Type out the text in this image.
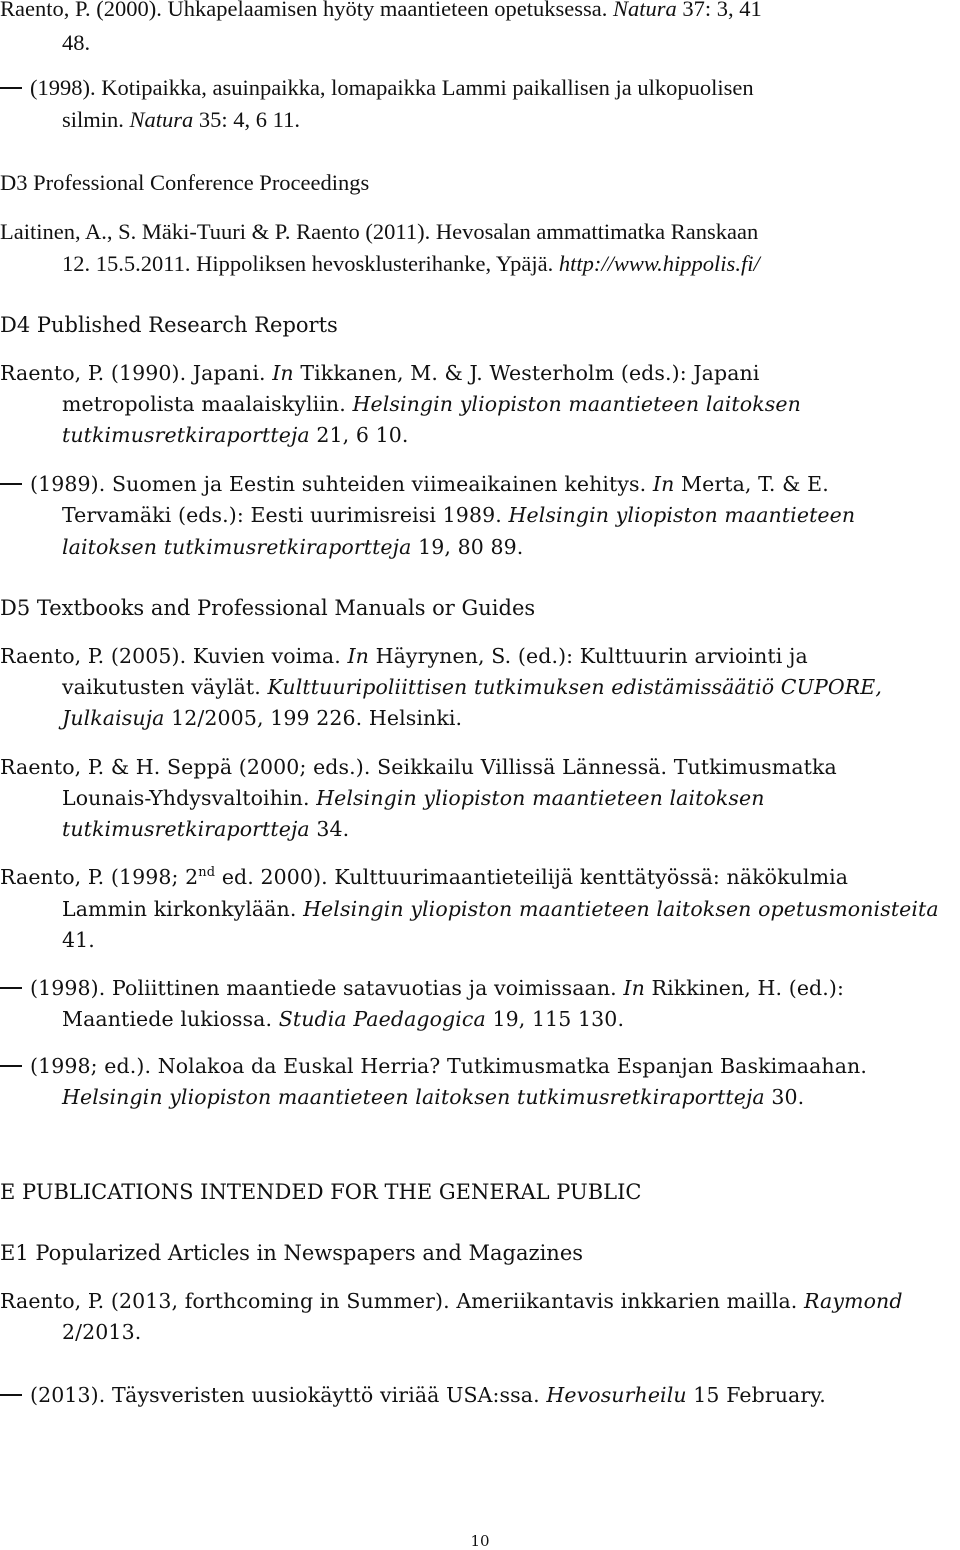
Raento, P. (2000). Uhkapelaamisen hyöty maantieteen opetuksessa. Natura 37: 3, 41
48.
(1998). Kotipaikka, asuinpaikka, lomapaikka Lammi paikallisen ja ulkopuolisen
silmin. Natura 35: 4, 6 11.
D3 Professional Conference Proceedings
Laitinen, A., S. Mäki-Tuuri & P. Raento (2011). Hevosalan ammattimatka Ranskaan
12. 15.5.2011. Hippoliksen hevosklusterihanke, Ypäjä. http://www.hippolis.fi/
D4 Published Research Reports
Raento, P. (1990). Japani. In Tikkanen, M. & J. Westerholm (eds.): Japani
metropolista maalaiskyliin. Helsingin yliopiston maantieteen laitoksen
tutkimusretkiraportteja 21, 6 10.
(1989). Suomen ja Eestin suhteiden viimeaikainen kehitys. In Merta, T. & E.
Tervamäki (eds.): Eesti uurimisreisi 1989. Helsingin yliopiston maantieteen
laitoksen tutkimusretkiraportteja 19, 80 89.
D5 Textbooks and Professional Manuals or Guides
Raento, P. (2005). Kuvien voima. In Häyrynen, S. (ed.): Kulttuurin arviointi ja
vaikutusten väylät. Kulttuuripoliittisen tutkimuksen edistämissäätiö CUPORE,
Julkaisuja 12/2005, 199 226. Helsinki.
Raento, P. & H. Seppä (2000; eds.). Seikkailu Villissä Lännessä. Tutkimusmatka
Lounais-Yhdysvaltoihin. Helsingin yliopiston maantieteen laitoksen
tutkimusretkiraportteja 34.
Raento, P. (1998; 2nd ed. 2000). Kulttuurimaantieteilijä kenttätyössä: näkökulmia
Lammin kirkonkylään. Helsingin yliopiston maantieteen laitoksen opetusmonisteita
41.
(1998). Poliittinen maantiede satavuotias ja voimissaan. In Rikkinen, H. (ed.):
Maantiede lukiossa. Studia Paedagogica 19, 115 130.
(1998; ed.). Nolakoa da Euskal Herria? Tutkimusmatka Espanjan Baskimaahan.
Helsingin yliopiston maantieteen laitoksen tutkimusretkiraportteja 30.
E PUBLICATIONS INTENDED FOR THE GENERAL PUBLIC
E1 Popularized Articles in Newspapers and Magazines
Raento, P. (2013, forthcoming in Summer). Ameriikantavis inkkarien mailla. Raymond
2/2013.
(2013). Täysveristen uusiokäyttö viriää USA:ssa. Hevosurheilu 15 February.
10
